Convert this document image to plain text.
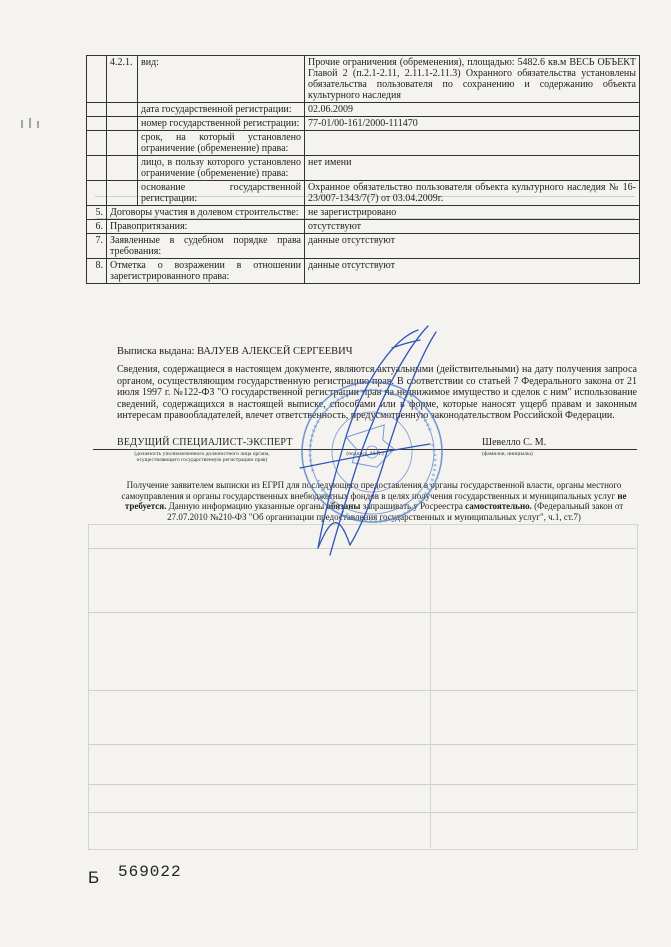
	4.2.1.	вид:	Прочие ограничения (обременения), площадью: 5482.6 кв.м ВЕСЬ ОБЪЕКТ Главой 2 (п.2.1-2.11, 2.11.1-2.11.3) Охранного обязательства установлены обязательства пользователя по сохранению и содержанию объекта культурного наследия
		дата государственной регистрации:	02.06.2009
		номер государственной регистрации:	77-01/00-161/2000-111470
		срок, на который установлено ограничение (обременение) права:	
		лицо, в пользу которого установлено ограничение (обременение) права:	нет имени
		основание государственной регистрации:	Охранное обязательство пользователя объекта культурного наследия № 16-23/007-1343/7(7) от 03.04.2009г.
5.	Договоры участия в долевом строительстве:		не зарегистрировано
6.	Правопритязания:		отсутствуют
7.	Заявленные в судебном порядке права требования:		данные отсутствуют
8.	Отметка о возражении в отношении зарегистрированного права:		данные отсутствуют
Выписка выдана: ВАЛУЕВ АЛЕКСЕЙ СЕРГЕЕВИЧ
Сведения, содержащиеся в настоящем документе, являются актуальными (действительными) на дату получения запроса органом, осуществляющим государственную регистрацию прав. В соответствии со статьей 7 Федерального закона от 21 июля 1997 г. №122-ФЗ "О государственной регистрации прав на недвижимое имущество и сделок с ним" использование сведений, содержащихся в настоящей выписке, способами или в форме, которые наносят ущерб правам и законным интересам правообладателей, влечет ответственность, предусмотренную законодательством Российской Федерации.
ВЕДУЩИЙ СПЕЦИАЛИСТ-ЭКСПЕРТ	Шевелло С. М.
(должность уполномоченного должностного лица органа, осуществляющего государственную регистрацию прав)
(подпись, М.П.)	(фамилия, инициалы)
Получение заявителем выписки из ЕГРП для последующего предоставления в органы государственной власти, органы местного самоуправления и органы государственных внебюджетных фондов в целях получения государственных и муниципальных услуг не требуется. Данную информацию указанные органы обязаны запрашивать у Росреестра самостоятельно. (Федеральный закон от 27.07.2010 №210-ФЗ "Об организации предоставления государственных и муниципальных услуг", ч.1, ст.7)
Б 569022
